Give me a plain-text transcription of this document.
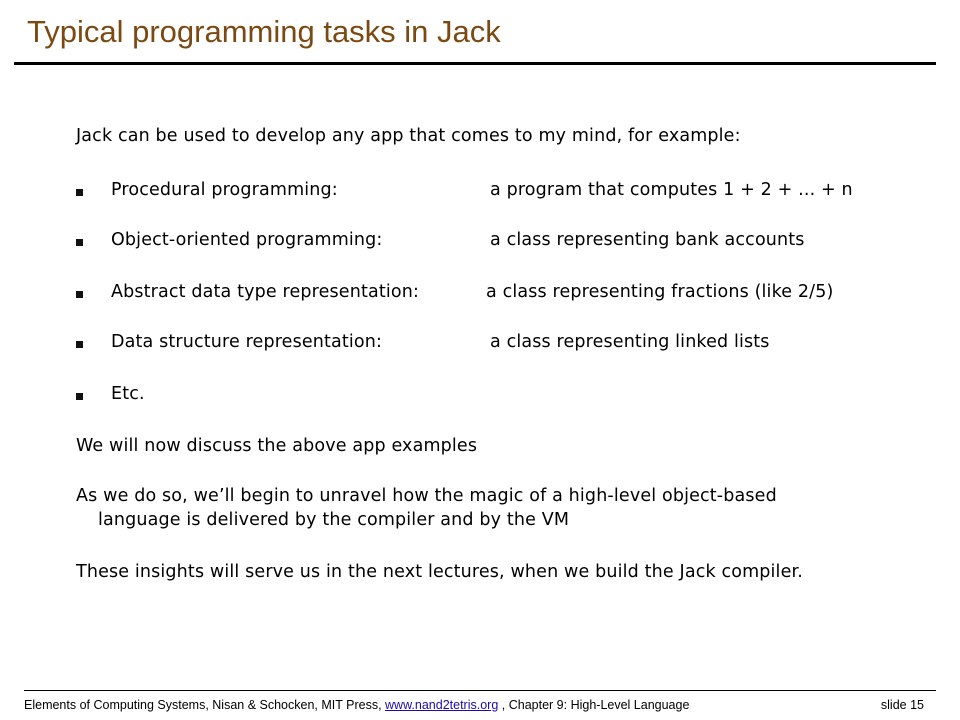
Typical programming tasks in Jack
Jack can be used to develop any app that comes to my mind, for example:
Procedural programming:	a program that computes 1 + 2 + ... + n
Object-oriented programming:	a class representing bank accounts
Abstract data type representation:	a class representing fractions (like 2/5)
Data structure representation:	a class representing linked lists
Etc.
We will now discuss the above app examples
As we do so, we’ll begin to unravel how the magic of a high-level object-based
language is delivered by the compiler and by the VM
These insights will serve us in the next lectures, when we build the Jack compiler.
Elements of Computing Systems, Nisan & Schocken, MIT Press, www.nand2tetris.org , Chapter 9: High-Level Language	slide 15
